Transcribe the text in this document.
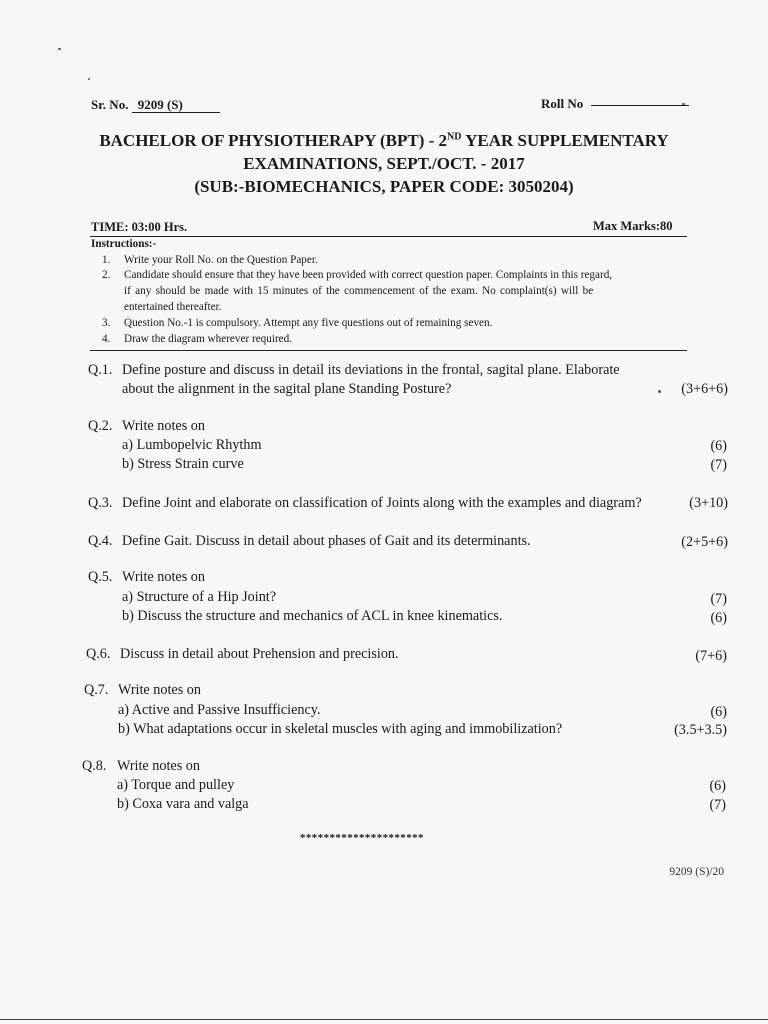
Sr. No. 9209 (S)	Roll No
BACHELOR OF PHYSIOTHERAPY (BPT) - 2ND YEAR SUPPLEMENTARY
EXAMINATIONS, SEPT./OCT. - 2017
(SUB:-BIOMECHANICS, PAPER CODE: 3050204)
TIME: 03:00 Hrs.	Max Marks:80
Instructions:-
1. Write your Roll No. on the Question Paper.
2. Candidate should ensure that they have been provided with correct question paper. Complaints in this regard,
if any should be made with 15 minutes of the commencement of the exam. No complaint(s) will be
entertained thereafter.
3. Question No.-1 is compulsory. Attempt any five questions out of remaining seven.
4. Draw the diagram wherever required.
Q.1. Define posture and discuss in detail its deviations in the frontal, sagital plane. Elaborate
about the alignment in the sagital plane Standing Posture?	(3+6+6)
Q.2. Write notes on
a) Lumbopelvic Rhythm	(6)
b) Stress Strain curve	(7)
Q.3. Define Joint and elaborate on classification of Joints along with the examples and diagram?	(3+10)
Q.4. Define Gait. Discuss in detail about phases of Gait and its determinants.	(2+5+6)
Q.5. Write notes on
a) Structure of a Hip Joint?	(7)
b) Discuss the structure and mechanics of ACL in knee kinematics.	(6)
Q.6. Discuss in detail about Prehension and precision.	(7+6)
Q.7. Write notes on
a) Active and Passive Insufficiency.	(6)
b) What adaptations occur in skeletal muscles with aging and immobilization?	(3.5+3.5)
Q.8. Write notes on
a) Torque and pulley	(6)
b) Coxa vara and valga	(7)
*********************
9209 (S)/20
